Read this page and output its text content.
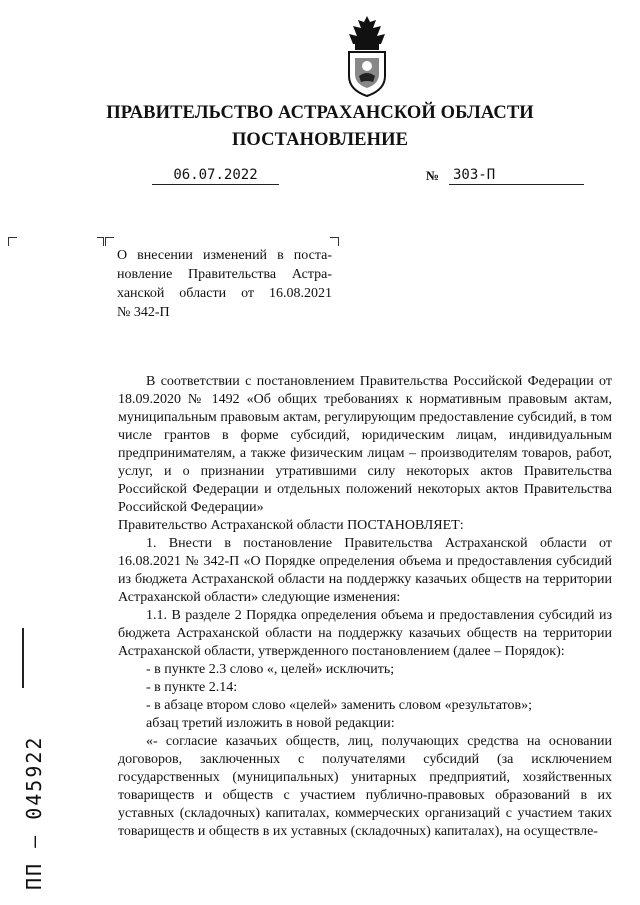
ПРАВИТЕЛЬСТВО АСТРАХАНСКОЙ ОБЛАСТИ
ПОСТАНОВЛЕНИЕ
06.07.2022	№ 303-П
О внесении изменений в поста-
новление Правительства Астра-
ханской области от 16.08.2021
№ 342-П
В соответствии с постановлением Правительства Российской Федерации от 18.09.2020 № 1492 «Об общих требованиях к нормативным правовым актам, муниципальным правовым актам, регулирующим предоставление субсидий, в том числе грантов в форме субсидий, юридическим лицам, индивидуальным предпринимателям, а также физическим лицам – производителям товаров, работ, услуг, и о признании утратившими силу некоторых актов Правительства Российской Федерации и отдельных положений некоторых актов Правительства Российской Федерации»
Правительство Астраханской области ПОСТАНОВЛЯЕТ:
1. Внести в постановление Правительства Астраханской области от 16.08.2021 № 342-П «О Порядке определения объема и предоставления субсидий из бюджета Астраханской области на поддержку казачьих обществ на территории Астраханской области» следующие изменения:
1.1. В разделе 2 Порядка определения объема и предоставления субсидий из бюджета Астраханской области на поддержку казачьих обществ на территории Астраханской области, утвержденного постановлением (далее – Порядок):
- в пункте 2.3 слово «, целей» исключить;
- в пункте 2.14:
- в абзаце втором слово «целей» заменить словом «результатов»;
абзац третий изложить в новой редакции:
«- согласие казачьих обществ, лиц, получающих средства на основании договоров, заключенных с получателями субсидий (за исключением государственных (муниципальных) унитарных предприятий, хозяйственных товариществ и обществ с участием публично-правовых образований в их уставных (складочных) капиталах, коммерческих организаций с участием таких товариществ и обществ в их уставных (складочных) капиталах), на осуществле-
ПП – 045922
